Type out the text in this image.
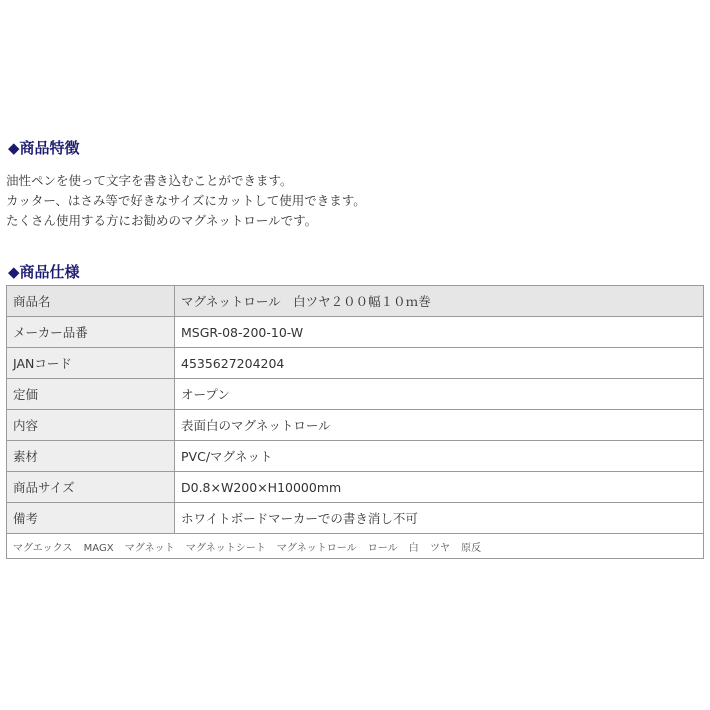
◆商品特徴
油性ペンを使って文字を書き込むことができます。
カッター、はさみ等で好きなサイズにカットして使用できます。
たくさん使用する方にお勧めのマグネットロールです。
◆商品仕様
商品名	マグネットロール　白ツヤ２００幅１０ｍ巻
メーカー品番	MSGR-08-200-10-W
JANコード	4535627204204
定価	オープン
内容	表面白のマグネットロール
素材	PVC/マグネット
商品サイズ	D0.8×W200×H10000mm
備考	ホワイトボードマーカーでの書き消し不可
マグエックス MAGX マグネット マグネットシート マグネットロール ロール 白 ツヤ 原反	
